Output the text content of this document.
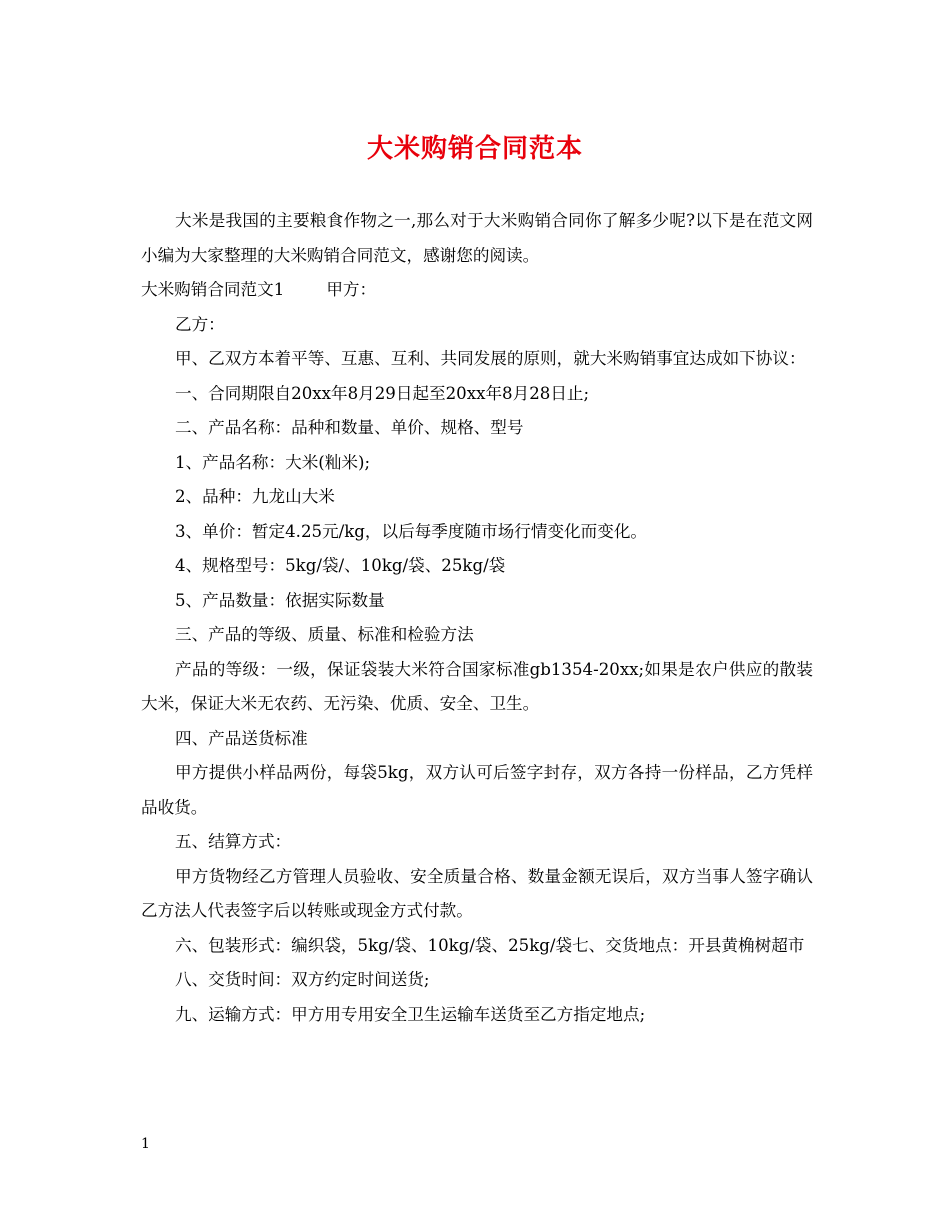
大米购销合同范本

大米是我国的主要粮食作物之一,那么对于大米购销合同你了解多少呢?以下是在范文网小编为大家整理的大米购销合同范文，感谢您的阅读。

大米购销合同范文1	甲方：

乙方：

甲、乙双方本着平等、互惠、互利、共同发展的原则，就大米购销事宜达成如下协议：

一、合同期限自20xx年8月29日起至20xx年8月28日止;

二、产品名称：品种和数量、单价、规格、型号

1、产品名称：大米(籼米);

2、品种：九龙山大米

3、单价：暂定4.25元/kg，以后每季度随市场行情变化而变化。

4、规格型号：5kg/袋/、10kg/袋、25kg/袋

5、产品数量：依据实际数量

三、产品的等级、质量、标准和检验方法

产品的等级：一级，保证袋装大米符合国家标准gb1354-20xx;如果是农户供应的散装大米，保证大米无农药、无污染、优质、安全、卫生。

四、产品送货标准

甲方提供小样品两份，每袋5kg，双方认可后签字封存，双方各持一份样品，乙方凭样品收货。

五、结算方式：

甲方货物经乙方管理人员验收、安全质量合格、数量金额无误后，双方当事人签字确认乙方法人代表签字后以转账或现金方式付款。

六、包装形式：编织袋，5kg/袋、10kg/袋、25kg/袋七、交货地点：开县黄桷树超市

八、交货时间：双方约定时间送货;

九、运输方式：甲方用专用安全卫生运输车送货至乙方指定地点;

1
